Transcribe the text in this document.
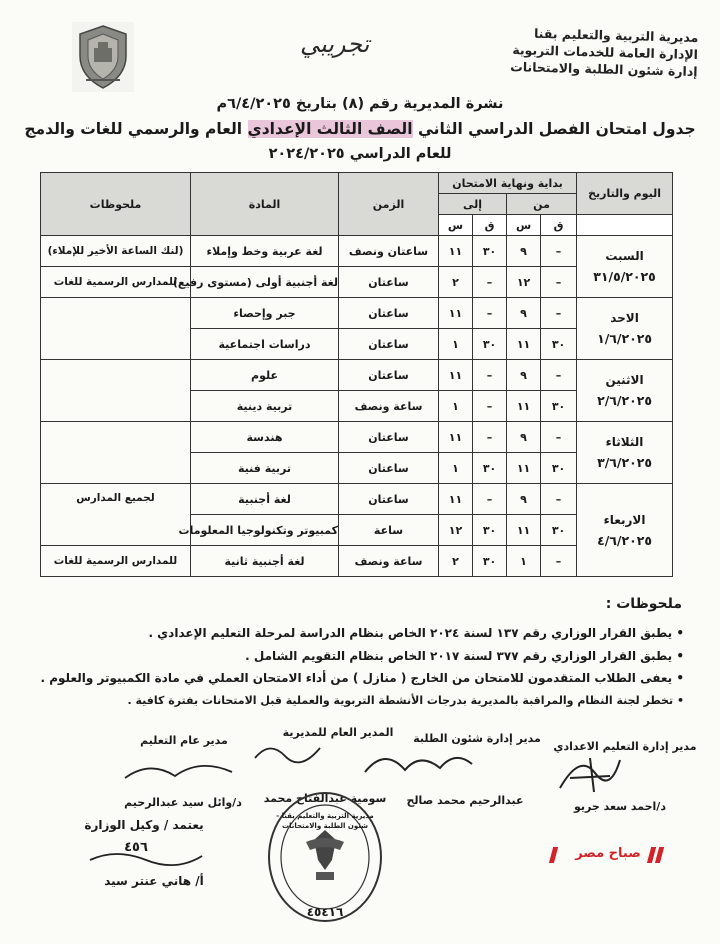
مديرية التربية والتعليم بقنا
الإدارة العامة للخدمات التربوية
إدارة شئون الطلبة والامتحانات
تجريبي
نشرة المديرية رقم (٨) بتاريخ ٦/٤/٢٠٢٥م
جدول امتحان الفصل الدراسي الثاني الصف الثالث الإعدادي العام والرسمي للغات والدمج
للعام الدراسي ٢٠٢٤/٢٠٢٥
اليوم والتاريخ	بداية ونهاية الامتحان				الزمن	المادة	ملحوظات
	من		إلى				
	ق	س	ق	س			

السبت
٣١/٥/٢٠٢٥	–	٩	٣٠	١١	ساعتان ونصف	لغة عربية وخط وإملاء	(لنك الساعة الأخير للإملاء)
	–	١٢	–	٢	ساعتان	لغة أجنبية أولى (مستوى رفيع)	للمدارس الرسمية للغات

الاحد
١/٦/٢٠٢٥	–	٩	–	١١	ساعتان	جبر وإحصاء	
	٣٠	١١	٣٠	١	ساعتان	دراسات اجتماعية	

الاثنين
٢/٦/٢٠٢٥	–	٩	–	١١	ساعتان	علوم	
	٣٠	١١	–	١	ساعة ونصف	تربية دينية	

الثلاثاء
٣/٦/٢٠٢٥	–	٩	–	١١	ساعتان	هندسة	
	٣٠	١١	٣٠	١	ساعتان	تربية فنية	

الاربعاء
٤/٦/٢٠٢٥	–	٩	–	١١	ساعتان	لغة أجنبية	لجميع المدارس
	٣٠	١١	٣٠	١٢	ساعة	كمبيوتر وتكنولوجيا المعلومات	
	–	١	٣٠	٢	ساعة ونصف	لغة أجنبية ثانية	للمدارس الرسمية للغات
ملحوظات :
• يطبق القرار الوزاري رقم ١٣٧ لسنة ٢٠٢٤ الخاص بنظام الدراسة لمرحلة التعليم الإعدادي .
• يطبق القرار الوزاري رقم ٣٧٧ لسنة ٢٠١٧ الخاص بنظام التقويم الشامل .
• يعفى الطلاب المتقدمون للامتحان من الخارج ( منازل ) من أداء الامتحان العملي في مادة الكمبيوتر والعلوم .
• تخطر لجنة النظام والمراقبة بالمديرية بدرجات الأنشطة التربوية والعملية قبل الامتحانات بفترة كافية .
مدير إدارة التعليم الاعدادي
مدير إدارة شئون الطلبة
المدير العام للمديرية
مدير عام التعليم
د/احمد سعد جريو
عبدالرحيم محمد صالح
سومية عبدالفتاح محمد
د/وائل سيد عبدالرحيم
يعتمد / وكيل الوزارة
٤٥٦
أ/ هاني عنتر سيد
مديرية التربية والتعليم بقنا - شئون الطلبة والامتحانات
٤٥٤١٦
صباح مصر
